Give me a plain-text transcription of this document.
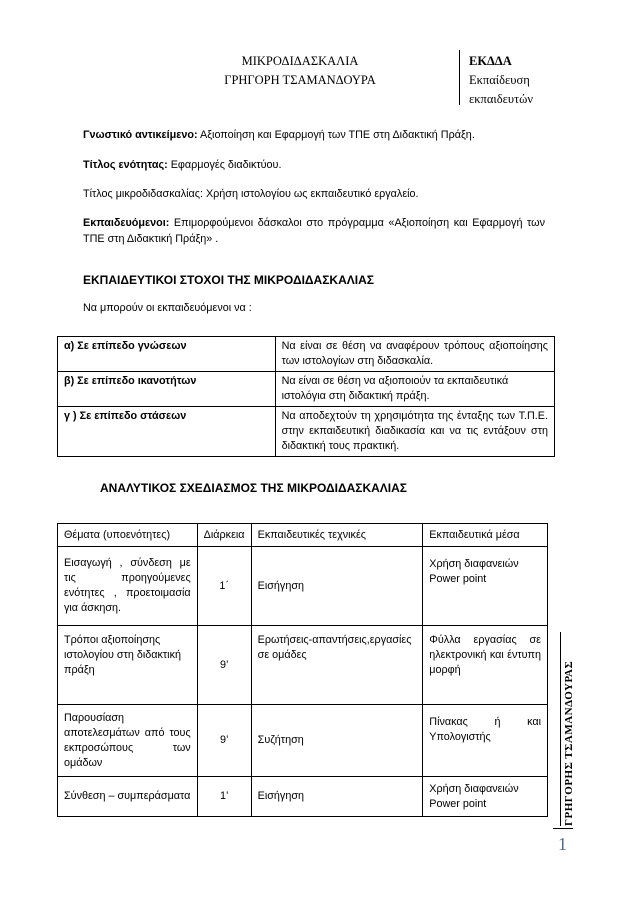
ΜΙΚΡΟΔΙΔΑΣΚΑΛΙΑ
ΓΡΗΓΟΡΗ ΤΣΑΜΑΝΔΟΥΡΑ
ΕΚΔΔΑ
Εκπαίδευση
εκπαιδευτών
Γνωστικό αντικείμενο: Αξιοποίηση και Εφαρμογή των ΤΠΕ στη Διδακτική Πράξη.
Τίτλος ενότητας: Εφαρμογές διαδικτύου.
Τίτλος μικροδιδασκαλίας: Χρήση ιστολογίου ως εκπαιδευτικό εργαλείο.
Εκπαιδευόμενοι: Επιμορφούμενοι δάσκαλοι στο πρόγραμμα «Αξιοποίηση και Εφαρμογή των ΤΠΕ στη Διδακτική Πράξη» .
ΕΚΠΑΙΔΕΥΤΙΚΟΙ ΣΤΟΧΟΙ ΤΗΣ ΜΙΚΡΟΔΙΔΑΣΚΑΛΙΑΣ
Να μπορούν οι εκπαιδευόμενοι να :
α) Σε επίπεδο γνώσεων	Να είναι σε θέση να αναφέρουν τρόπους αξιοποίησης των ιστολογίων στη διδασκαλία.
β) Σε επίπεδο ικανοτήτων	Να είναι σε θέση να αξιοποιούν τα εκπαιδευτικά ιστολόγια στη διδακτική πράξη.
γ ) Σε επίπεδο στάσεων	Να αποδεχτούν τη χρησιμότητα της ένταξης των Τ.Π.Ε. στην εκπαιδευτική διαδικασία και να τις εντάξουν στη διδακτική τους πρακτική.
ΑΝΑΛΥΤΙΚΟΣ ΣΧΕΔΙΑΣΜΟΣ ΤΗΣ ΜΙΚΡΟΔΙΔΑΣΚΑΛΙΑΣ
Θέματα (υποενότητες)	Διάρκεια	Εκπαιδευτικές τεχνικές	Εκπαιδευτικά μέσα
Εισαγωγή , σύνδεση με τις προηγούμενες ενότητες , προετοιμασία για άσκηση.	1΄	Εισήγηση	Χρήση διαφανειών Power point
Τρόποι αξιοποίησης ιστολογίου στη διδακτική πράξη	9’	Ερωτήσεις-απαντήσεις,εργασίες σε ομάδες	Φύλλα εργασίας σε ηλεκτρονική και έντυπη μορφή
Παρουσίαση αποτελεσμάτων από τους εκπροσώπους των ομάδων	9’	Συζήτηση	Πίνακας ή και Υπολογιστής
Σύνθεση – συμπεράσματα	1’	Εισήγηση	Χρήση διαφανειών Power point	ΓΡΗΓΟΡΗΣ ΤΣΑΜΑΝΔΟΥΡΑΣ
1
